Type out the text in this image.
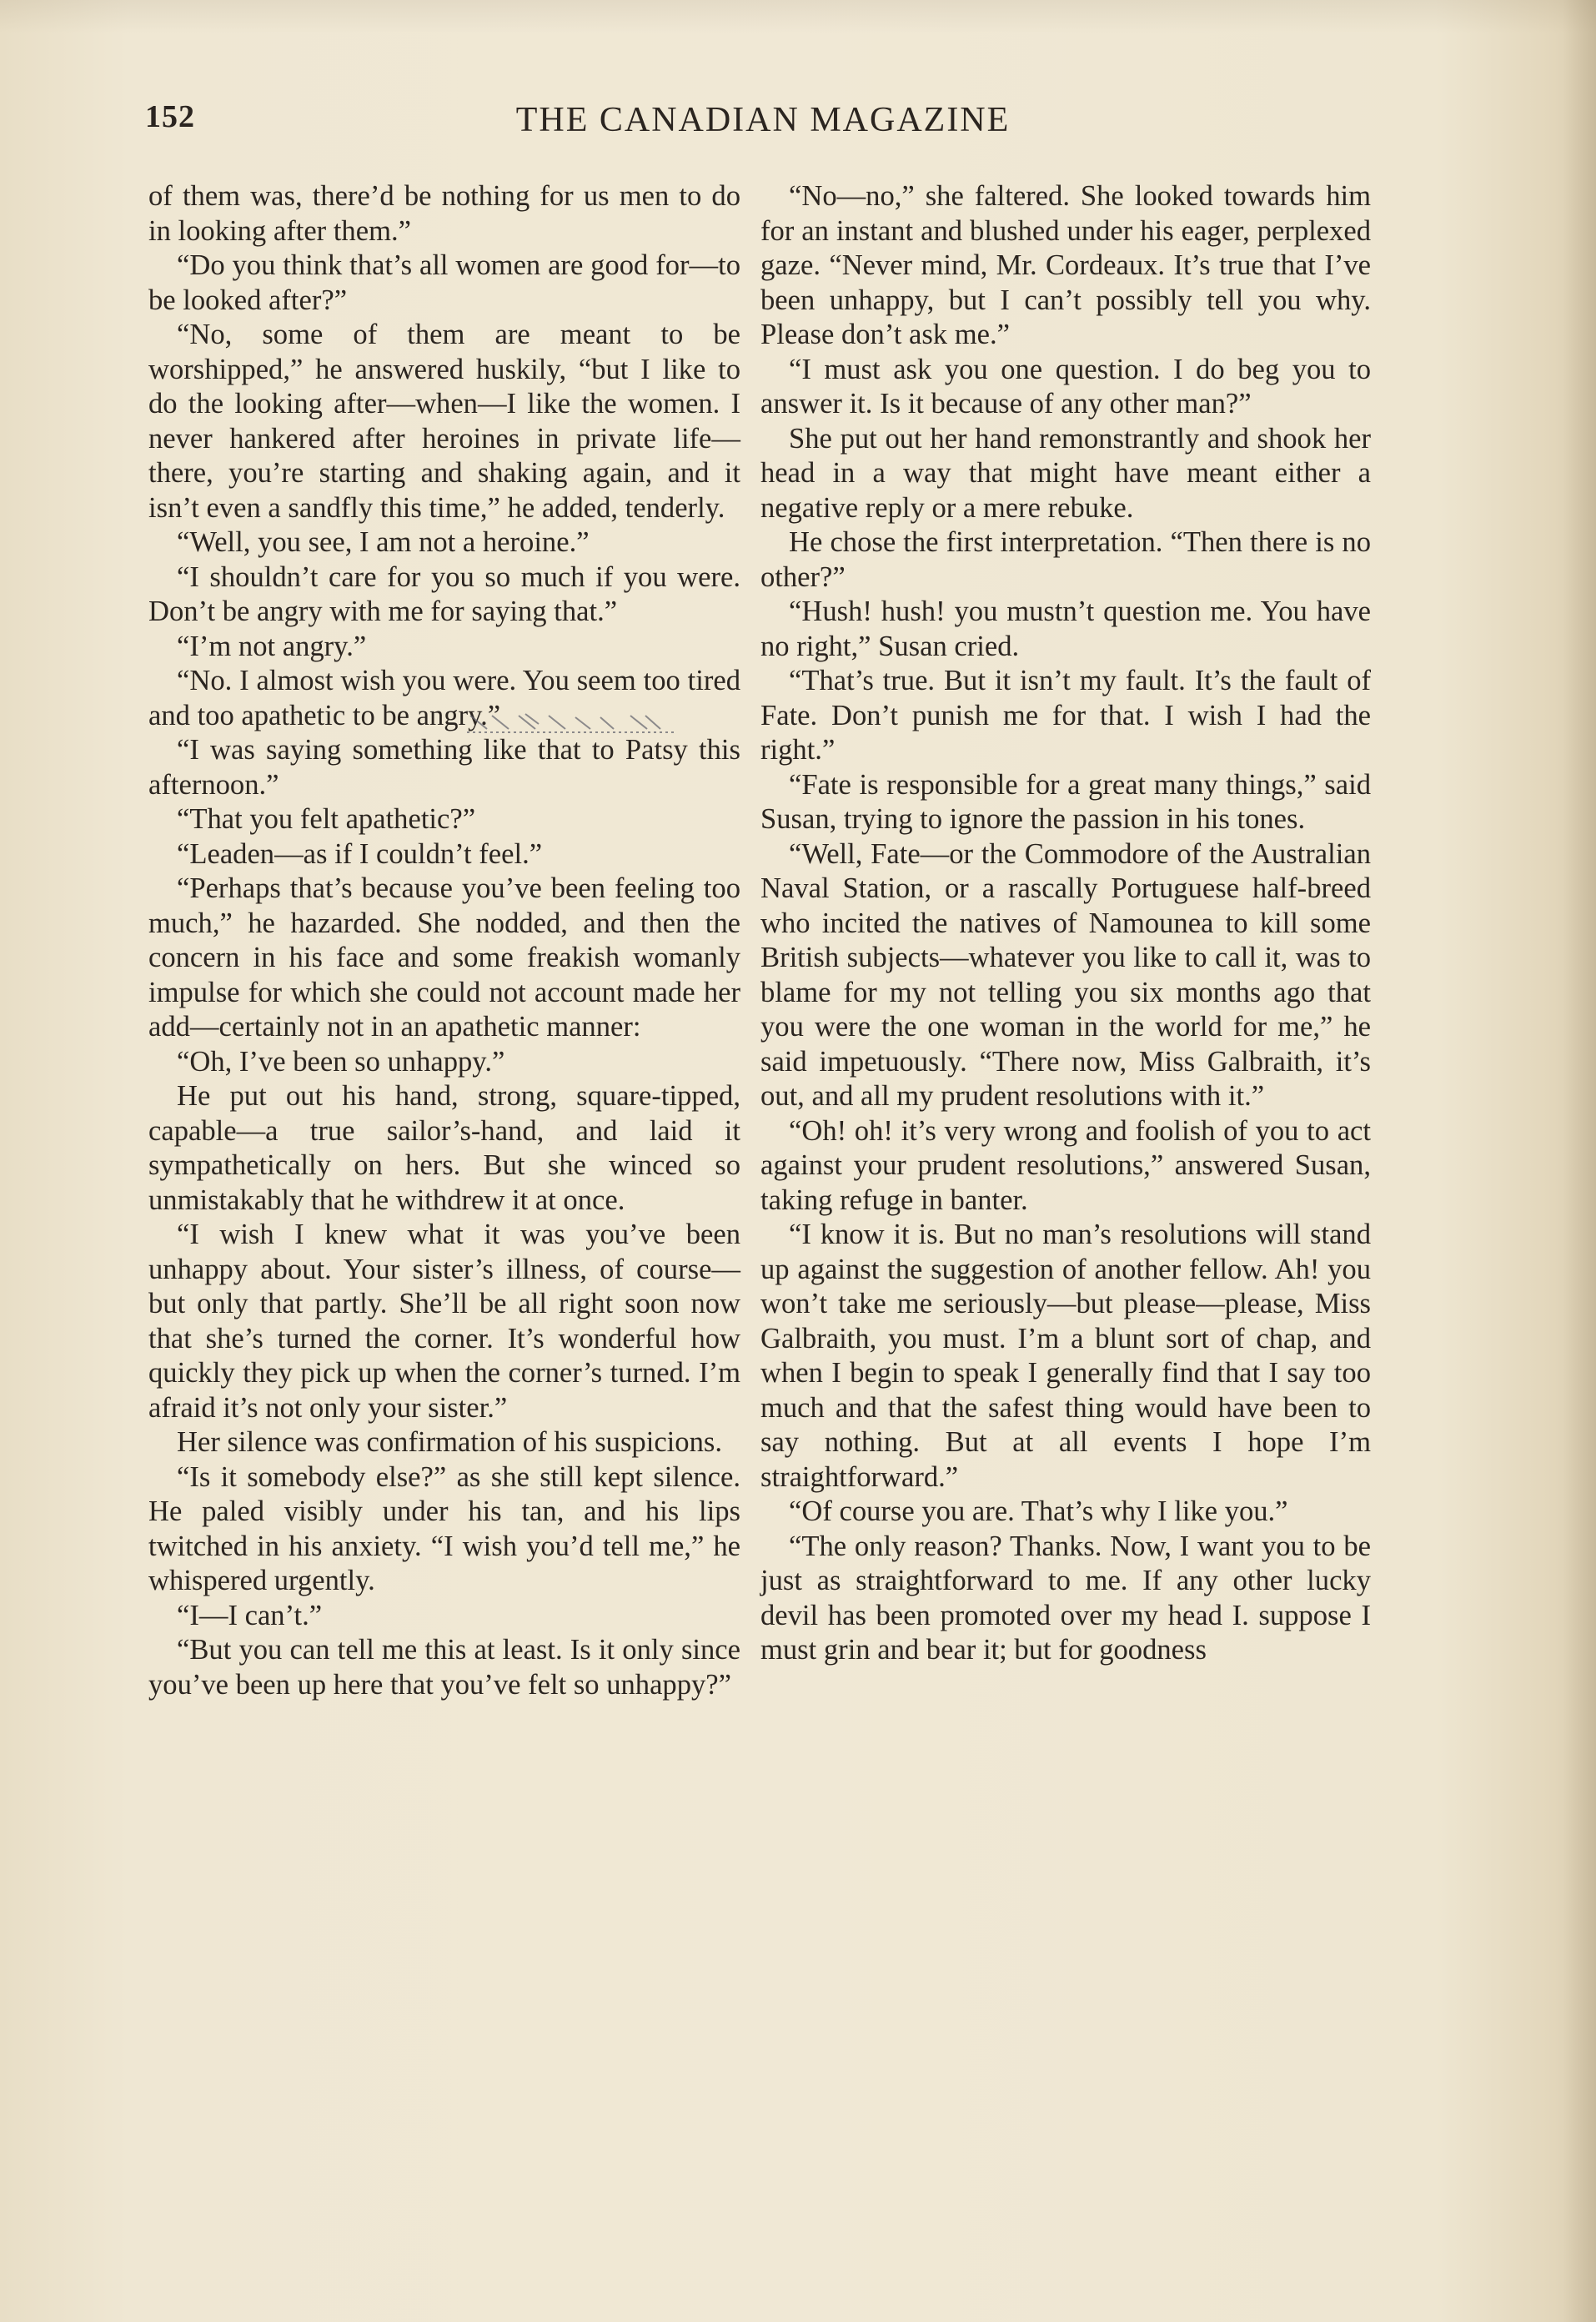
152	THE CANADIAN MAGAZINE

of them was, there’d be nothing for us men to do in looking after them.”

“Do you think that’s all women are good for—to be looked after?”

“No, some of them are meant to be worshipped,” he answered huskily, “but I like to do the looking after—when—I like the women. I never hankered after heroines in private life—there, you’re starting and shaking again, and it isn’t even a sandfly this time,” he added, tenderly.

“Well, you see, I am not a heroine.”

“I shouldn’t care for you so much if you were. Don’t be angry with me for saying that.”

“I’m not angry.”

“No. I almost wish you were. You seem too tired and too apathetic to be angry.”

“I was saying something like that to Patsy this afternoon.”

“That you felt apathetic?”

“Leaden—as if I couldn’t feel.”

“Perhaps that’s because you’ve been feeling too much,” he hazarded. She nodded, and then the concern in his face and some freakish womanly impulse for which she could not account made her add—certainly not in an apathetic manner:

“Oh, I’ve been so unhappy.”

He put out his hand, strong, square-tipped, capable—a true sailor’s-hand, and laid it sympathetically on hers. But she winced so unmistakably that he withdrew it at once.

“I wish I knew what it was you’ve been unhappy about. Your sister’s illness, of course—but only that partly. She’ll be all right soon now that she’s turned the corner. It’s wonderful how quickly they pick up when the corner’s turned. I’m afraid it’s not only your sister.”

Her silence was confirmation of his suspicions.

“Is it somebody else?” as she still kept silence. He paled visibly under his tan, and his lips twitched in his anxiety. “I wish you’d tell me,” he whispered urgently.

“I—I can’t.”

“But you can tell me this at least. Is it only since you’ve been up here that you’ve felt so unhappy?”

“No—no,” she faltered. She looked towards him for an instant and blushed under his eager, perplexed gaze. “Never mind, Mr. Cordeaux. It’s true that I’ve been unhappy, but I can’t possibly tell you why. Please don’t ask me.”

“I must ask you one question. I do beg you to answer it. Is it because of any other man?”

She put out her hand remonstrantly and shook her head in a way that might have meant either a negative reply or a mere rebuke.

He chose the first interpretation. “Then there is no other?”

“Hush! hush! you mustn’t question me. You have no right,” Susan cried.

“That’s true. But it isn’t my fault. It’s the fault of Fate. Don’t punish me for that. I wish I had the right.”

“Fate is responsible for a great many things,” said Susan, trying to ignore the passion in his tones.

“Well, Fate—or the Commodore of the Australian Naval Station, or a rascally Portuguese half-breed who incited the natives of Namounea to kill some British subjects—whatever you like to call it, was to blame for my not telling you six months ago that you were the one woman in the world for me,” he said impetuously. “There now, Miss Galbraith, it’s out, and all my prudent resolutions with it.”

“Oh! oh! it’s very wrong and foolish of you to act against your prudent resolutions,” answered Susan, taking refuge in banter.

“I know it is. But no man’s resolutions will stand up against the suggestion of another fellow. Ah! you won’t take me seriously—but please—please, Miss Galbraith, you must. I’m a blunt sort of chap, and when I begin to speak I generally find that I say too much and that the safest thing would have been to say nothing. But at all events I hope I’m straightforward.”

“Of course you are. That’s why I like you.”

“The only reason? Thanks. Now, I want you to be just as straightforward to me. If any other lucky devil has been promoted over my head I. suppose I must grin and bear it; but for goodness
